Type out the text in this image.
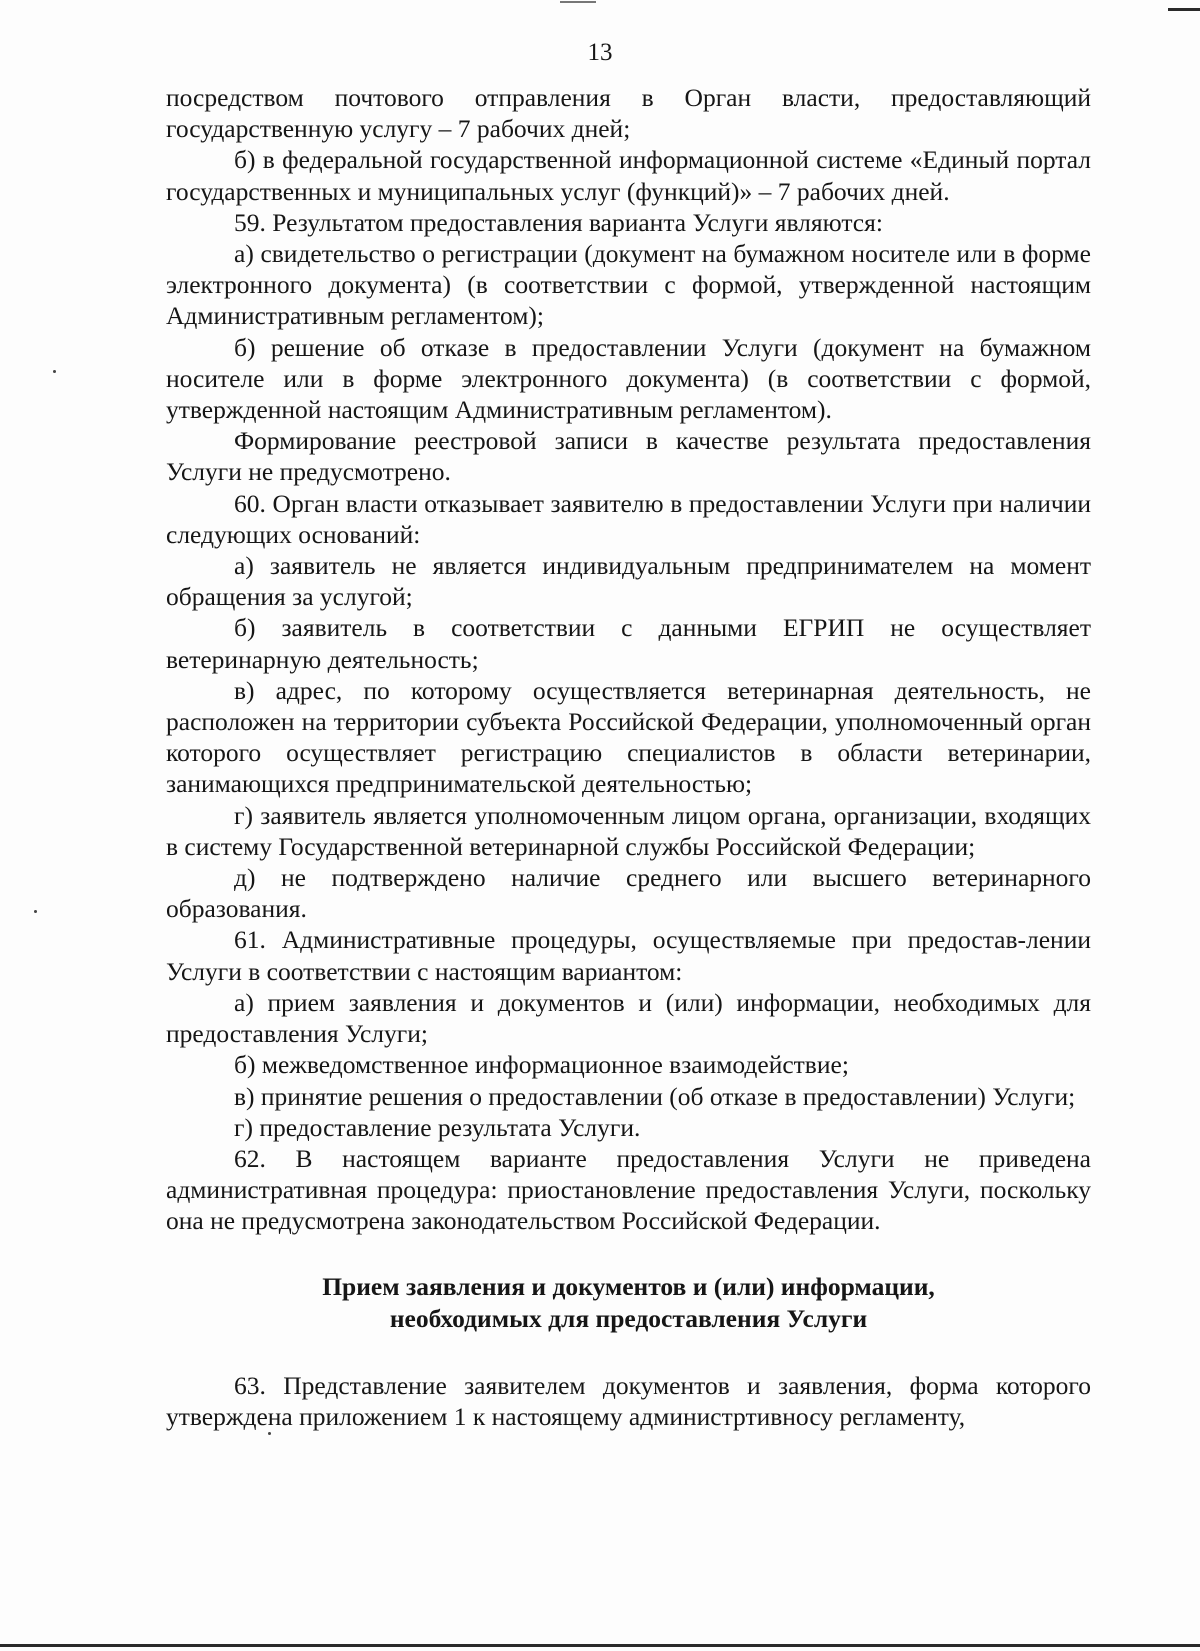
13

посредством почтового отправления в Орган власти, предоставляющий государственную услугу – 7 рабочих дней;

б) в федеральной государственной информационной системе «Единый портал государственных и муниципальных услуг (функций)» – 7 рабочих дней.

59. Результатом предоставления варианта Услуги являются:

а) свидетельство о регистрации (документ на бумажном носителе или в форме электронного документа) (в соответствии с формой, утвержденной настоящим Административным регламентом);

б) решение об отказе в предоставлении Услуги (документ на бумажном носителе или в форме электронного документа) (в соответствии с формой, утвержденной настоящим Административным регламентом).

Формирование реестровой записи в качестве результата предоставления Услуги не предусмотрено.

60. Орган власти отказывает заявителю в предоставлении Услуги при наличии следующих оснований:

а) заявитель не является индивидуальным предпринимателем на момент обращения за услугой;

б) заявитель в соответствии с данными ЕГРИП не осуществляет ветеринарную деятельность;

в) адрес, по которому осуществляется ветеринарная деятельность, не расположен на территории субъекта Российской Федерации, уполномоченный орган которого осуществляет регистрацию специалистов в области ветеринарии, занимающихся предпринимательской деятельностью;

г) заявитель является уполномоченным лицом органа, организации, входящих в систему Государственной ветеринарной службы Российской Федерации;

д) не подтверждено наличие среднего или высшего ветеринарного образования.

61. Административные процедуры, осуществляемые при предостав-лении Услуги в соответствии с настоящим вариантом:

а) прием заявления и документов и (или) информации, необходимых для предоставления Услуги;

б) межведомственное информационное взаимодействие;

в) принятие решения о предоставлении (об отказе в предоставлении) Услуги;

г) предоставление результата Услуги.

62. В настоящем варианте предоставления Услуги не приведена административная процедура: приостановление предоставления Услуги, поскольку она не предусмотрена законодательством Российской Федерации.

Прием заявления и документов и (или) информации,
необходимых для предоставления Услуги

63. Представление заявителем документов и заявления, форма которого утверждена приложением 1 к настоящему администртивносу регламенту,
